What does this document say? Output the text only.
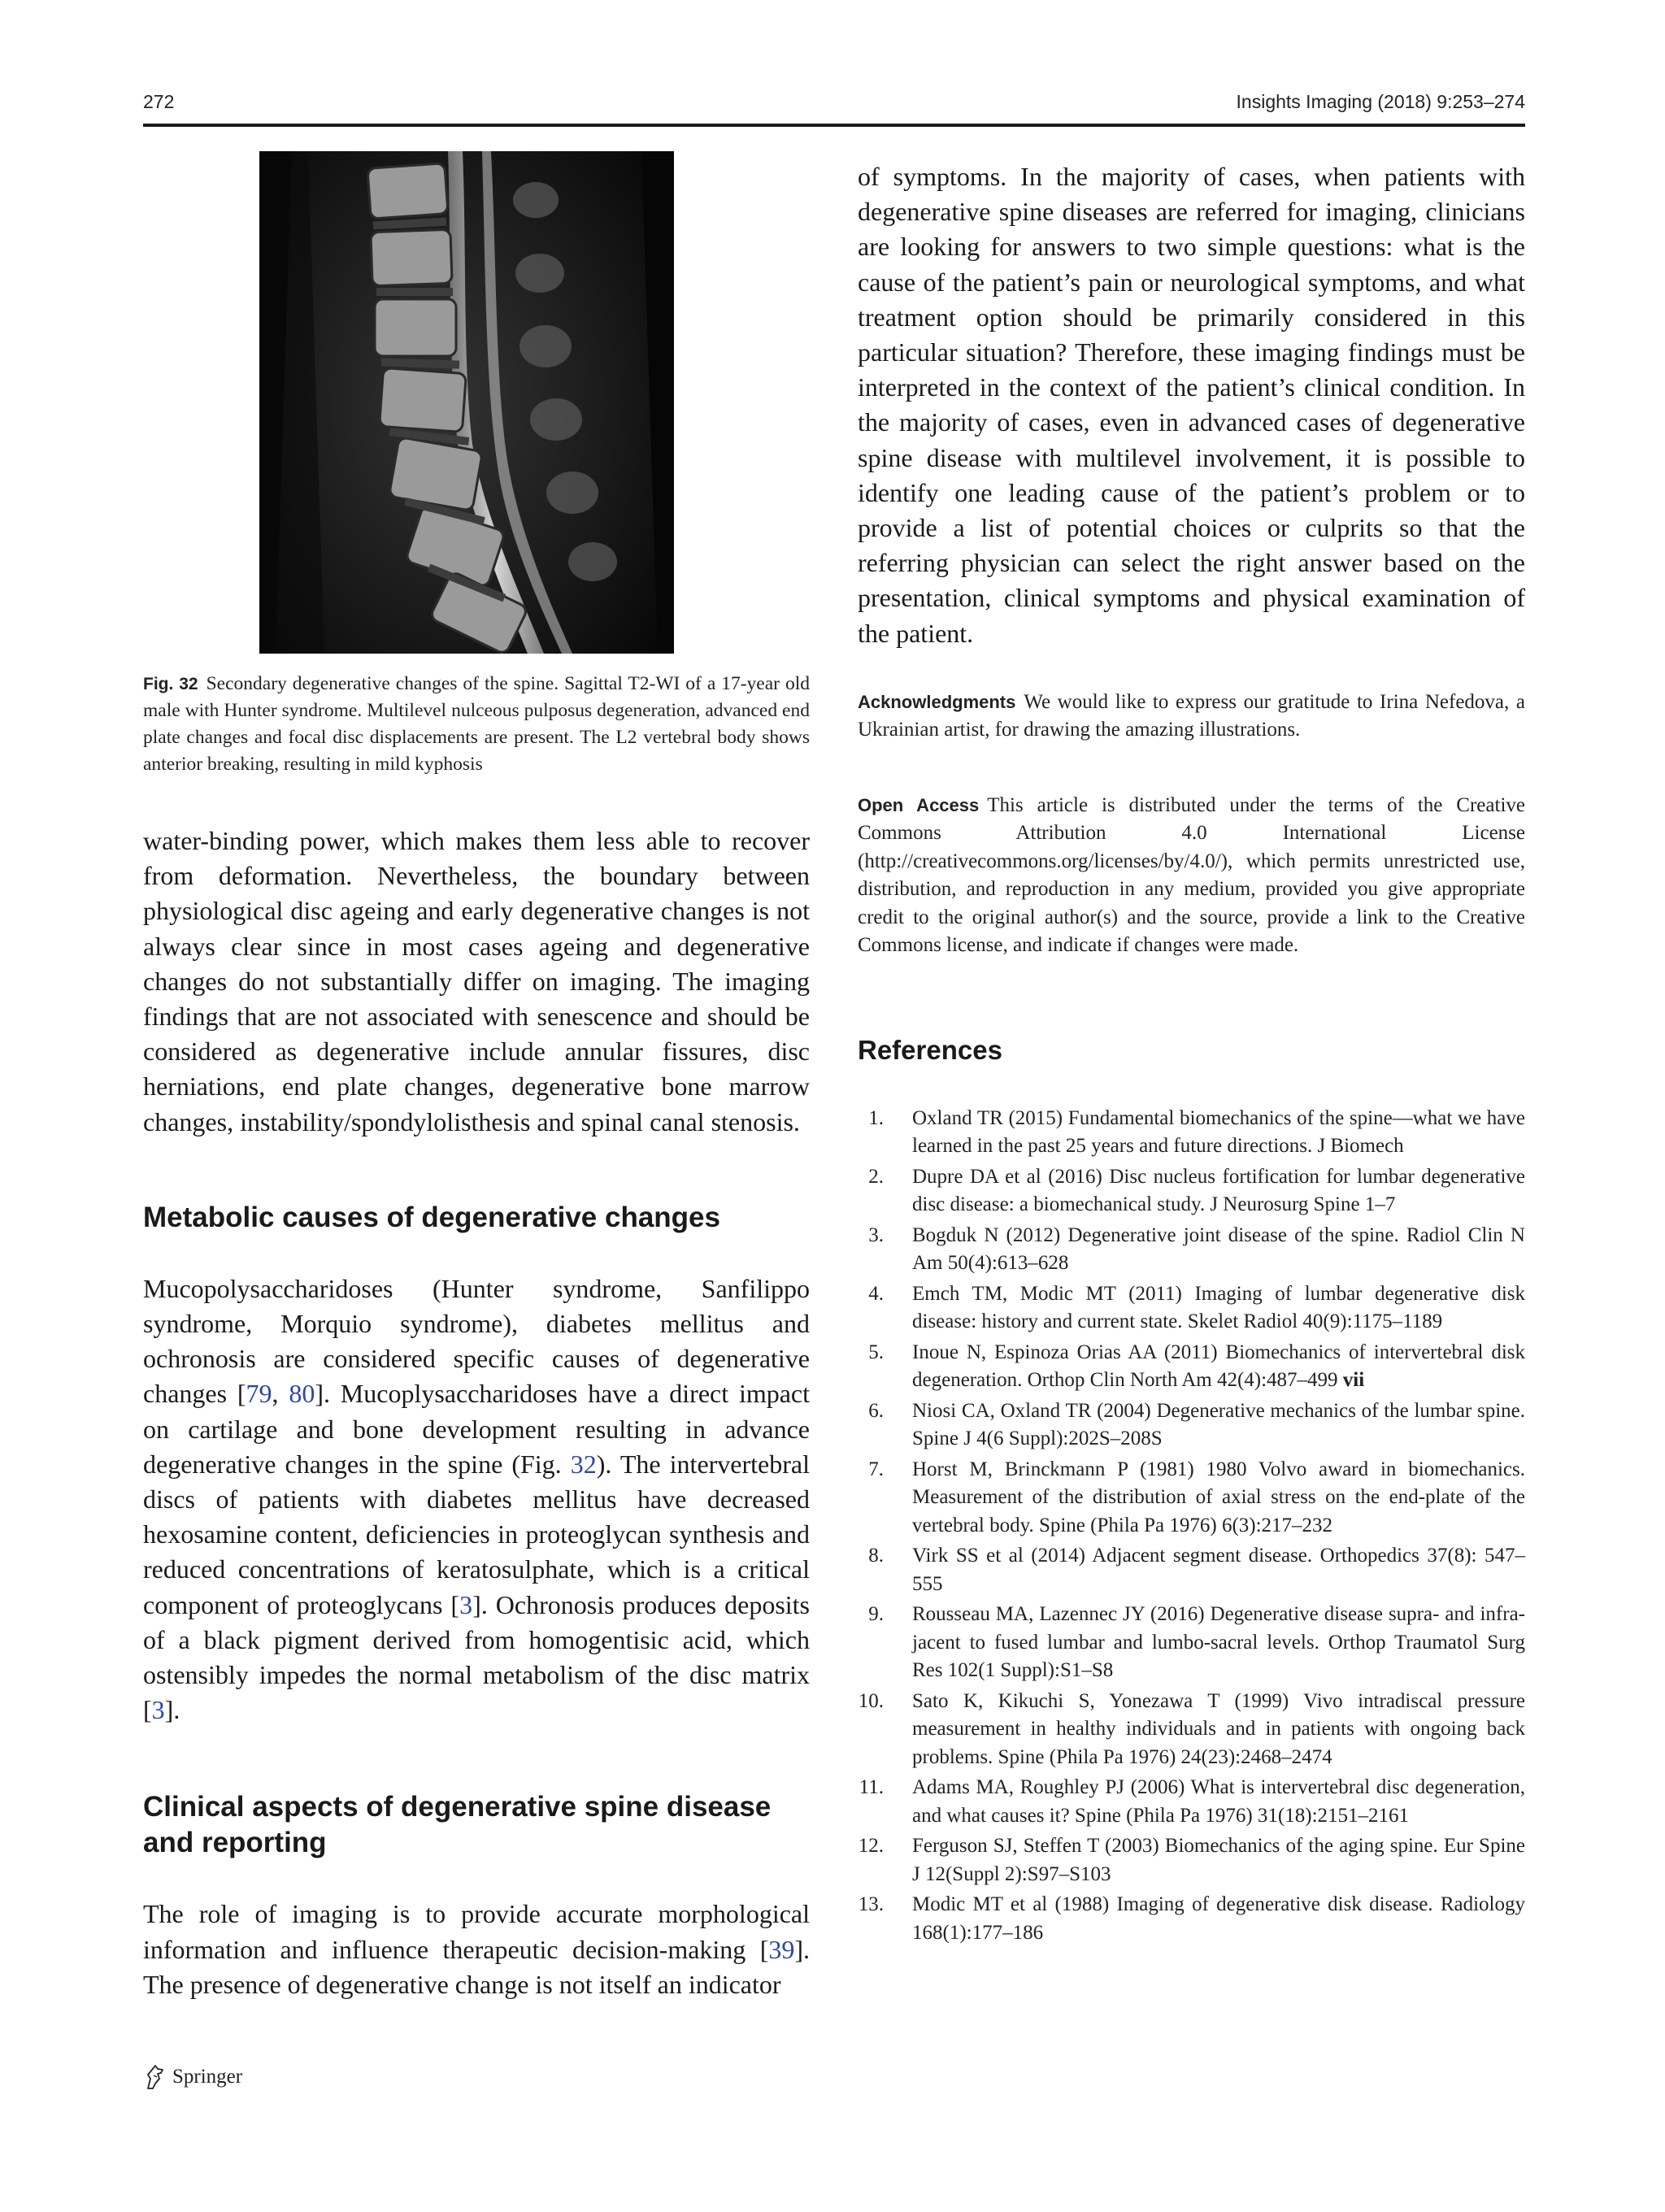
272	Insights Imaging (2018) 9:253–274
Fig. 32 Secondary degenerative changes of the spine. Sagittal T2-WI of a 17-year old male with Hunter syndrome. Multilevel nulceous pulposus degeneration, advanced end plate changes and focal disc displacements are present. The L2 vertebral body shows anterior breaking, resulting in mild kyphosis

water-binding power, which makes them less able to recover from deformation. Nevertheless, the boundary between physiological disc ageing and early degenerative changes is not always clear since in most cases ageing and degenerative changes do not substantially differ on imaging. The imaging findings that are not associated with senescence and should be considered as degenerative include annular fissures, disc herniations, end plate changes, degenerative bone marrow changes, instability/spondylolisthesis and spinal canal stenosis.

Metabolic causes of degenerative changes

Mucopolysaccharidoses (Hunter syndrome, Sanfilippo syndrome, Morquio syndrome), diabetes mellitus and ochronosis are considered specific causes of degenerative changes [79, 80]. Mucoplysaccharidoses have a direct impact on cartilage and bone development resulting in advance degenerative changes in the spine (Fig. 32). The intervertebral discs of patients with diabetes mellitus have decreased hexosamine content, deficiencies in proteoglycan synthesis and reduced concentrations of keratosulphate, which is a critical component of proteoglycans [3]. Ochronosis produces deposits of a black pigment derived from homogentisic acid, which ostensibly impedes the normal metabolism of the disc matrix [3].

Clinical aspects of degenerative spine disease and reporting

The role of imaging is to provide accurate morphological information and influence therapeutic decision-making [39]. The presence of degenerative change is not itself an indicator

of symptoms. In the majority of cases, when patients with degenerative spine diseases are referred for imaging, clinicians are looking for answers to two simple questions: what is the cause of the patient’s pain or neurological symptoms, and what treatment option should be primarily considered in this particular situation? Therefore, these imaging findings must be interpreted in the context of the patient’s clinical condition. In the majority of cases, even in advanced cases of degenerative spine disease with multilevel involvement, it is possible to identify one leading cause of the patient’s problem or to provide a list of potential choices or culprits so that the referring physician can select the right answer based on the presentation, clinical symptoms and physical examination of the patient.

Acknowledgments We would like to express our gratitude to Irina Nefedova, a Ukrainian artist, for drawing the amazing illustrations.

Open Access This article is distributed under the terms of the Creative Commons Attribution 4.0 International License (http://creativecommons.org/licenses/by/4.0/), which permits unrestricted use, distribution, and reproduction in any medium, provided you give appropriate credit to the original author(s) and the source, provide a link to the Creative Commons license, and indicate if changes were made.

References
1. Oxland TR (2015) Fundamental biomechanics of the spine—what we have learned in the past 25 years and future directions. J Biomech
2. Dupre DA et al (2016) Disc nucleus fortification for lumbar degenerative disc disease: a biomechanical study. J Neurosurg Spine 1–7
3. Bogduk N (2012) Degenerative joint disease of the spine. Radiol Clin N Am 50(4):613–628
4. Emch TM, Modic MT (2011) Imaging of lumbar degenerative disk disease: history and current state. Skelet Radiol 40(9):1175–1189
5. Inoue N, Espinoza Orias AA (2011) Biomechanics of intervertebral disk degeneration. Orthop Clin North Am 42(4):487–499 vii
6. Niosi CA, Oxland TR (2004) Degenerative mechanics of the lumbar spine. Spine J 4(6 Suppl):202S–208S
7. Horst M, Brinckmann P (1981) 1980 Volvo award in biomechanics. Measurement of the distribution of axial stress on the end-plate of the vertebral body. Spine (Phila Pa 1976) 6(3):217–232
8. Virk SS et al (2014) Adjacent segment disease. Orthopedics 37(8): 547–555
9. Rousseau MA, Lazennec JY (2016) Degenerative disease supra- and infra-jacent to fused lumbar and lumbo-sacral levels. Orthop Traumatol Surg Res 102(1 Suppl):S1–S8
10. Sato K, Kikuchi S, Yonezawa T (1999) Vivo intradiscal pressure measurement in healthy individuals and in patients with ongoing back problems. Spine (Phila Pa 1976) 24(23):2468–2474
11. Adams MA, Roughley PJ (2006) What is intervertebral disc degeneration, and what causes it? Spine (Phila Pa 1976) 31(18):2151–2161
12. Ferguson SJ, Steffen T (2003) Biomechanics of the aging spine. Eur Spine J 12(Suppl 2):S97–S103
13. Modic MT et al (1988) Imaging of degenerative disk disease. Radiology 168(1):177–186
Springer
